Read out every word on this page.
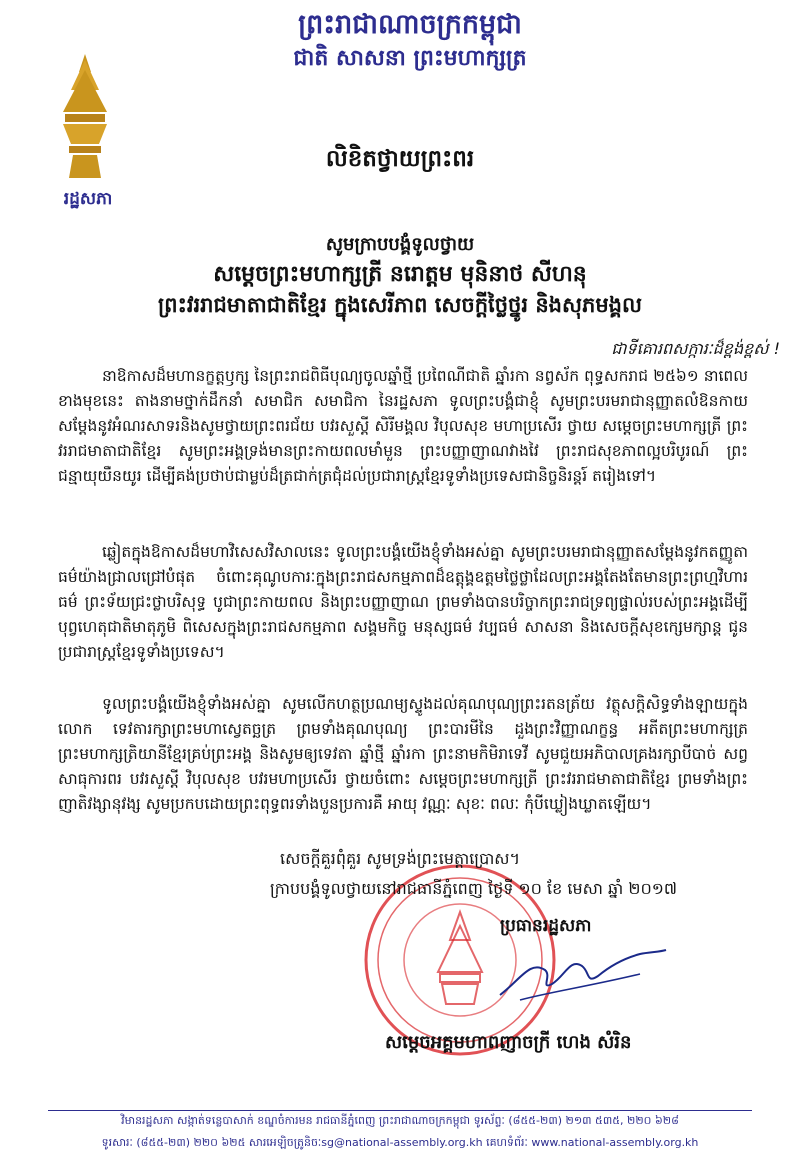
ព្រះរាជាណាចក្រកម្ពុជា
ជាតិ សាសនា ព្រះមហាក្សត្រ
រដ្ឋសភា
លិខិតថ្វាយព្រះពរ
សូមក្រាបបង្គំទូលថ្វាយ
សម្តេចព្រះមហាក្សត្រី នរោត្តម មុនិនាថ សីហនុ
ព្រះវររាជមាតាជាតិខ្មែរ ក្នុងសេរីភាព សេចក្តីថ្លៃថ្នូរ និងសុភមង្គល
ជាទីគោរពសក្ការៈដ៏ខ្ពង់ខ្ពស់ !
នាឱកាសដ៏មហានក្ខត្តឫក្ស នៃព្រះរាជពិធីបុណ្យចូលឆ្នាំថ្មី ប្រពៃណីជាតិ ឆ្នាំរកា នព្វស័ក ពុទ្ធសករាជ ២៥៦១ នាពេលខាងមុខនេះ តាងនាមថ្នាក់ដឹកនាំ សមាជិក សមាជិកា នៃរដ្ឋសភា ទូលព្រះបង្គំជាខ្ញុំ សូមព្រះបរមរាជានុញ្ញាតលំឱនកាយសម្តែងនូវអំណរសាទរនិងសូមថ្វាយព្រះពរជ័យ បវរសួស្តី សិរីមង្គល វិបុលសុខ មហាប្រសើរ ថ្វាយ សម្តេចព្រះមហាក្សត្រី ព្រះវររាជមាតាជាតិខ្មែរ សូមព្រះអង្គទ្រង់មានព្រះកាយពលមាំមួន ព្រះបញ្ញាញាណវាងវៃ ព្រះរាជសុខភាពល្អបរិបូរណ៍ ព្រះជន្មាយុយឺនយូរ ដើម្បីគង់ប្រថាប់ជាម្លប់ដ៏ត្រជាក់ត្រជុំដល់ប្រជារាស្ត្រខ្មែរទូទាំងប្រទេសជានិច្ចនិរន្តរ៍ តរៀងទៅ។
ឆ្លៀតក្នុងឱកាសដ៏មហាវិសេសវិសាលនេះ ទូលព្រះបង្គំយើងខ្ញុំទាំងអស់គ្នា សូមព្រះបរមរាជានុញ្ញាតសម្តែងនូវកតញ្ញូតាធម៌យ៉ាងជ្រាលជ្រៅបំផុត ចំពោះគុណូបការៈក្នុងព្រះរាជសកម្មភាពដ៏ឧត្តុង្គឧត្តមថ្លៃថ្លាដែលព្រះអង្គតែងតែមានព្រះព្រហ្មវិហារធម៌ ព្រះទ័យជ្រះថ្លាបរិសុទ្ធ បូជាព្រះកាយពល និងព្រះបញ្ញាញាណ ព្រមទាំងបានបរិច្ចាកព្រះរាជទ្រព្យផ្ទាល់របស់ព្រះអង្គដើម្បីបុព្វហេតុជាតិមាតុភូមិ ពិសេសក្នុងព្រះរាជសកម្មភាព សង្គមកិច្ច មនុស្សធម៌ វប្បធម៌ សាសនា និងសេចក្តីសុខក្សេមក្សាន្ត ជូនប្រជារាស្ត្រខ្មែរទូទាំងប្រទេស។
ទូលព្រះបង្គំយើងខ្ញុំទាំងអស់គ្នា សូមលើកហត្ថប្រណម្យស្ទូងដល់គុណបុណ្យព្រះរតនត្រ័យ វត្ថុសក្តិសិទ្ធទាំងឡាយក្នុងលោក ទេវតារក្សាព្រះមហាស្វេតច្ឆត្រ ព្រមទាំងគុណបុណ្យ ព្រះបារមីនៃ ដួងព្រះវិញ្ញាណក្ខន្ធ អតីតព្រះមហាក្សត្រ ព្រះមហាក្សត្រិយានីខ្មែរគ្រប់ព្រះអង្គ និងសូមឲ្យទេវតា ឆ្នាំថ្មី ឆ្នាំរកា ព្រះនាមកិមិរាទេវី សូមជួយអភិបាលគ្រងរក្សាបីបាច់ សព្វសាធុការពរ បវរសួស្តី វិបុលសុខ បវរមហាប្រសើរ ថ្វាយចំពោះ សម្តេចព្រះមហាក្សត្រី ព្រះវររាជមាតាជាតិខ្មែរ ព្រមទាំងព្រះញាតិវង្សានុវង្ស សូមប្រកបដោយព្រះពុទ្ធពរទាំងបួនប្រការគឺ អាយុ វណ្ណៈ សុខៈ ពលៈ កុំបីឃ្លៀងឃ្លាតឡើយ។
សេចក្តីគួរពុំគួរ សូមទ្រង់ព្រះមេត្តាប្រោស។
ក្រាបបង្គំទូលថ្វាយនៅរាជធានីភ្នំពេញ ថ្ងៃទី ១០ ខែ មេសា ឆ្នាំ ២០១៧
ប្រធានរដ្ឋសភា
សម្តេចអគ្គមហាពញាចក្រី ហេង សំរិន
វិមានរដ្ឋសភា សង្កាត់ទន្លេបាសាក់ ខណ្ឌចំការមន រាជធានីភ្នំពេញ ព្រះរាជាណាចក្រកម្ពុជា ទូរស័ព្ទៈ (៨៥៥-២៣) ២១៣ ៥៣៥, ២២០ ៦២៨
ទូរសារៈ (៨៥៥-២៣) ២២០ ៦២៥ សារអេឡិចត្រូនិចៈsg@national-assembly.org.kh គេហទំព័រៈ www.national-assembly.org.kh
